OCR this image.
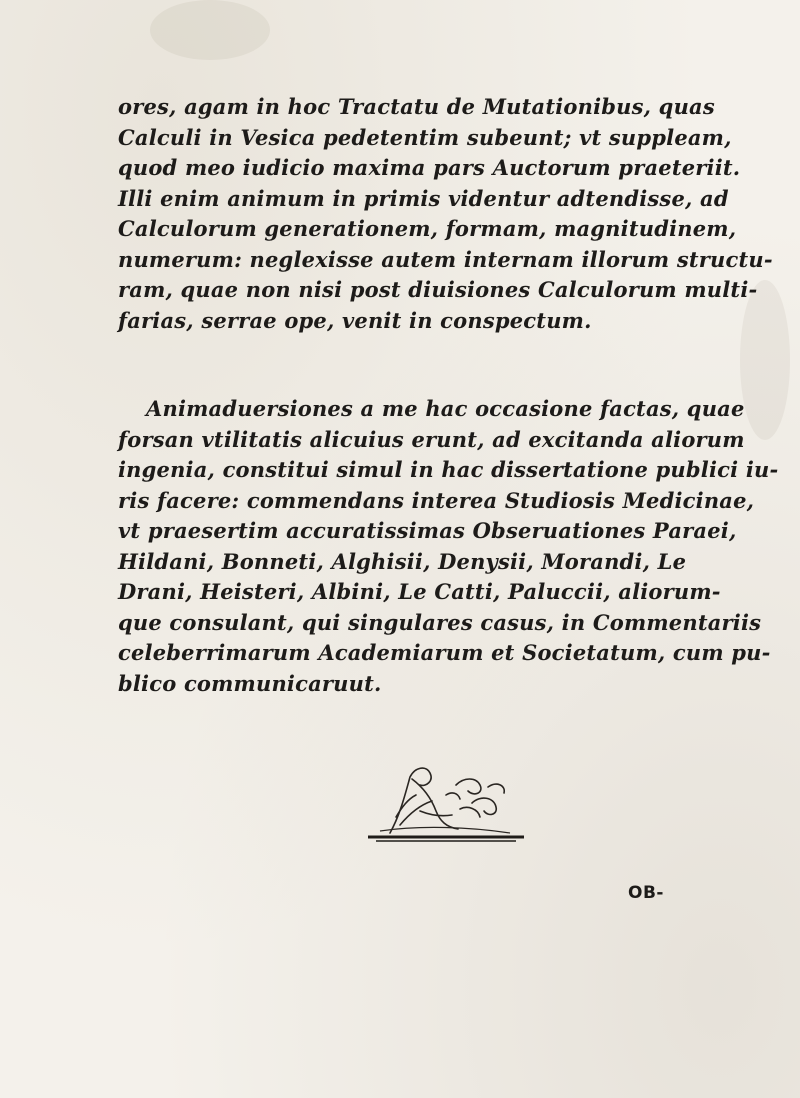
ores, agam in hoc Tractatu de Mutationibus, quas
Calculi in Vesica pedetentim subeunt; vt suppleam,
quod meo iudicio maxima pars Auctorum praeteriit.
Illi enim animum in primis videntur adtendisse, ad
Calculorum generationem, formam, magnitudinem,
numerum: neglexisse autem internam illorum structu-
ram, quae non nisi post diuisiones Calculorum multi-
farias, serrae ope, venit in conspectum.
Animaduersiones a me hac occasione factas, quae
forsan vtilitatis alicuius erunt, ad excitanda aliorum
ingenia, constitui simul in hac dissertatione publici iu-
ris facere: commendans interea Studiosis Medicinae,
vt praesertim accuratissimas Obseruationes Paraei,
Hildani, Bonneti, Alghisii, Denysii, Morandi, Le
Drani, Heisteri, Albini, Le Catti, Paluccii, aliorum-
que consulant, qui singulares casus, in Commentariis
celeberrimarum Academiarum et Societatum, cum pu-
blico communicaruut.
OB-
